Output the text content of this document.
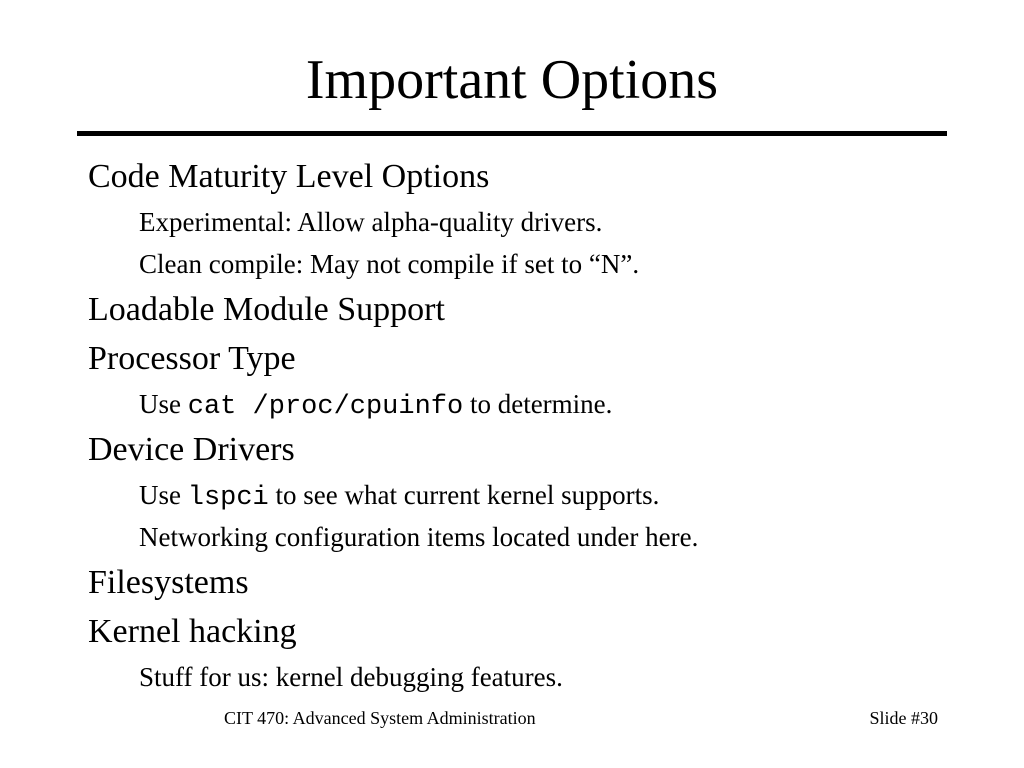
Important Options
Code Maturity Level Options
Experimental: Allow alpha-quality drivers.
Clean compile: May not compile if set to “N”.
Loadable Module Support
Processor Type
Use cat /proc/cpuinfo to determine.
Device Drivers
Use lspci to see what current kernel supports.
Networking configuration items located under here.
Filesystems
Kernel hacking
Stuff for us: kernel debugging features.
CIT 470: Advanced System Administration	Slide #30
